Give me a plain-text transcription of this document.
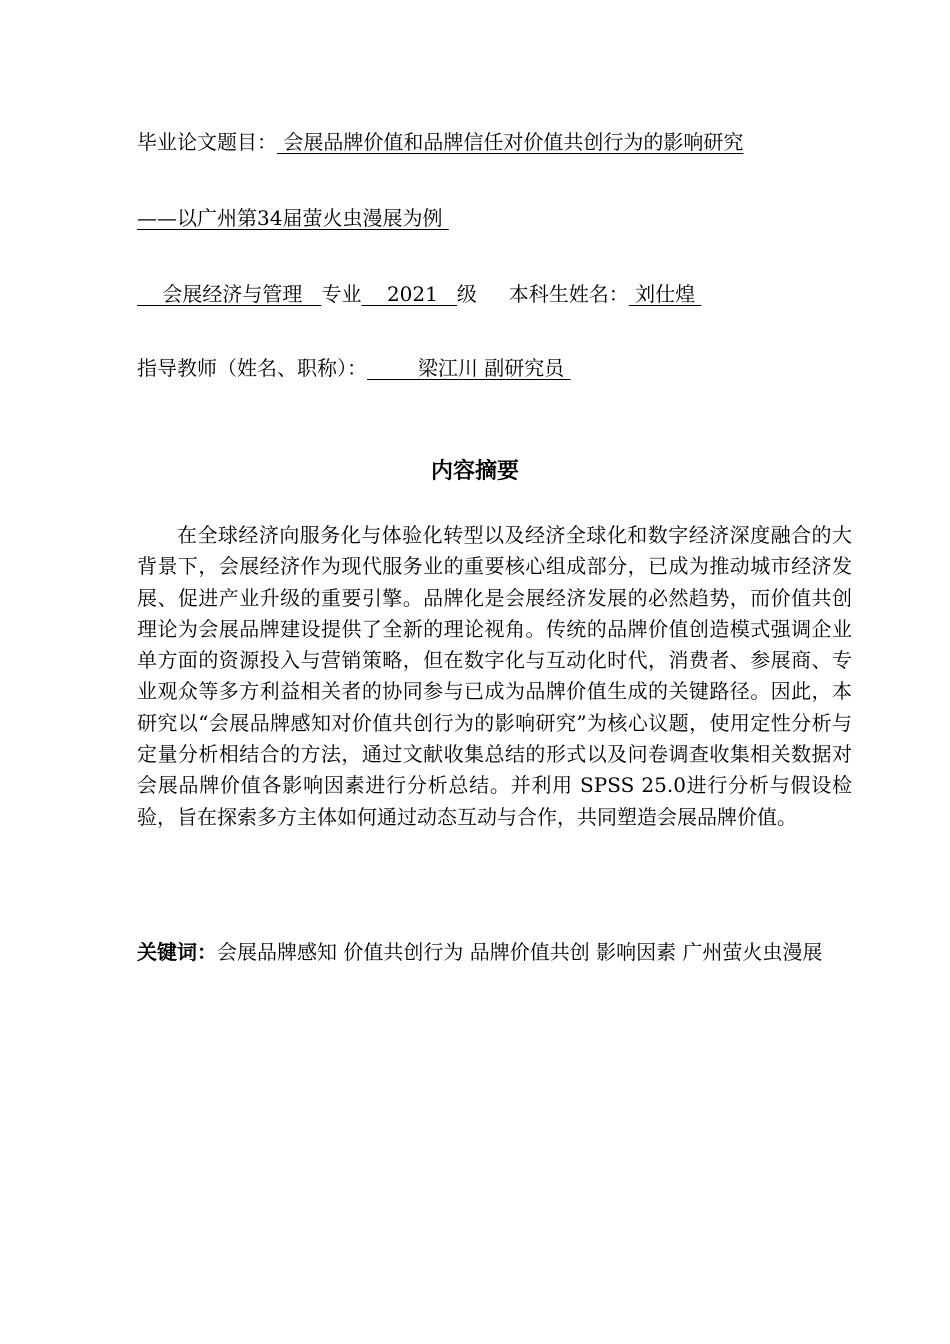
毕业论文题目： 会展品牌价值和品牌信任对价值共创行为的影响研究
——以广州第34届萤火虫漫展为例
会展经济与管理   专业    2021   级 本科生姓名： 刘仕煌
指导教师（姓名、职称）：        梁江川 副研究员
内容摘要

在全球经济向服务化与体验化转型以及经济全球化和数字经济深度融合的大背景下，会展经济作为现代服务业的重要核心组成部分，已成为推动城市经济发展、促进产业升级的重要引擎。品牌化是会展经济发展的必然趋势，而价值共创理论为会展品牌建设提供了全新的理论视角。传统的品牌价值创造模式强调企业单方面的资源投入与营销策略，但在数字化与互动化时代，消费者、参展商、专业观众等多方利益相关者的协同参与已成为品牌价值生成的关键路径。因此，本研究以“会展品牌感知对价值共创行为的影响研究”为核心议题，使用定性分析与定量分析相结合的方法，通过文献收集总结的形式以及问卷调查收集相关数据对会展品牌价值各影响因素进行分析总结。并利用 SPSS 25.0进行分析与假设检验，旨在探索多方主体如何通过动态互动与合作，共同塑造会展品牌价值。

关键词：会展品牌感知 价值共创行为 品牌价值共创 影响因素 广州萤火虫漫展
